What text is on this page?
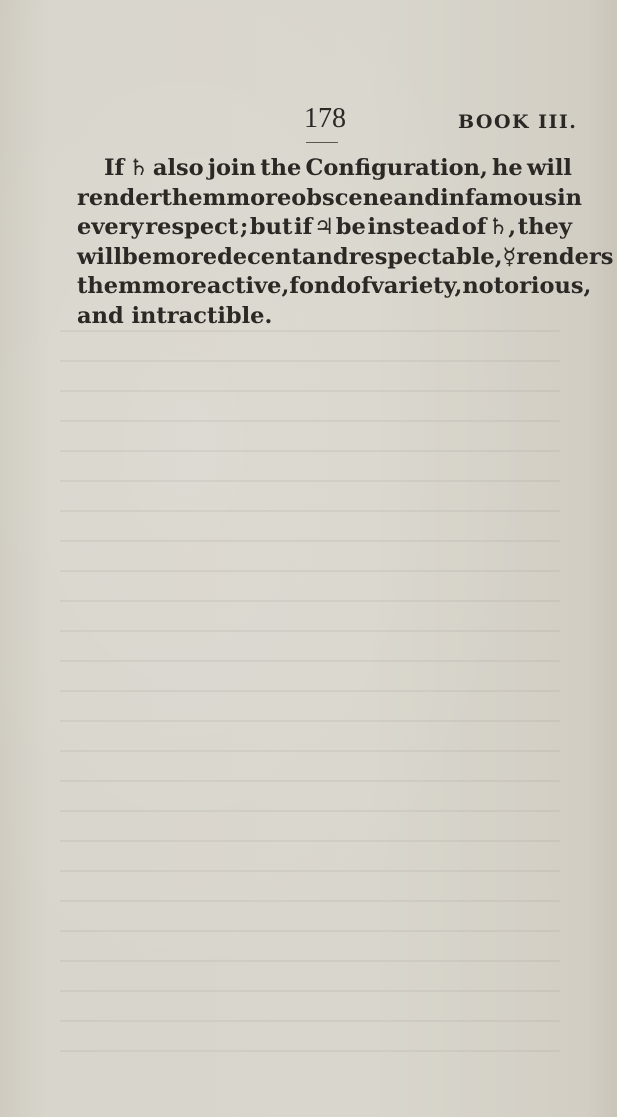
178	BOOK III.
If ♄ also join the Configuration, he will
render them more obscene and infamous in
every respect ; but if ♃ be instead of ♄, they
will be more decent and respectable, ☿ renders
them more active, fond of variety, notorious,
and intractible.
